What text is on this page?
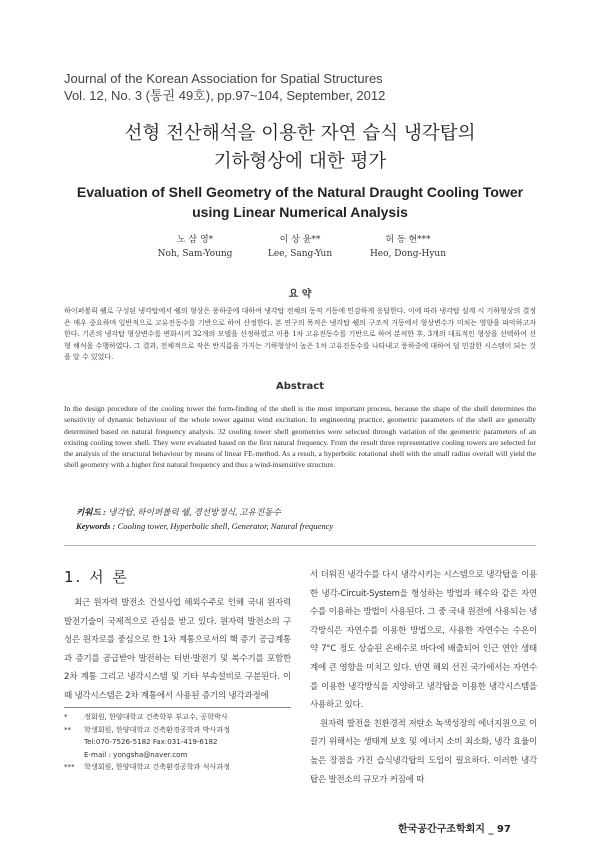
Journal of the Korean Association for Spatial Structures
Vol. 12, No. 3 (통권 49호), pp.97~104, September, 2012
선형 전산해석을 이용한 자연 습식 냉각탑의
기하형상에 대한 평가
Evaluation of Shell Geometry of the Natural Draught Cooling Tower
using Linear Numerical Analysis
노 삼 영*
Noh, Sam-Young
이 상 윤**
Lee, Sang-Yun
허 동 현***
Heo, Dong-Hyun
요 약
하이퍼볼릭 쉘로 구성된 냉각탑에서 쉘의 형상은 풍하중에 대하여 냉각탑 전체의 동적 거동에 민감하게 응답한다. 이에 따라 냉각탑 설계 시 기하형상의 결정은 매우 중요하며 일반적으로 고유진동수를 기반으로 하여 산정한다. 본 연구의 목적은 냉각탑 쉘의 구조적 거동에서 형상변수가 미치는 영향을 파악하고자 한다. 기존의 냉각탑 형상변수를 변화시켜 32개의 모델을 선정하였고 이용 1차 고유진동수를 기반으로 하여 분석한 후, 3개의 대표적인 형상을 선택하여 선형 해석을 수행하였다. 그 결과, 전체적으로 작은 반지름을 가지는 기하형상이 높은 1차 고유진동수를 나타내고 풍하중에 대하여 덜 민감한 시스템이 되는 것을 알 수 있었다.
Abstract
In the design procedure of the cooling tower the form-finding of the shell is the most important process, because the shape of the shell determines the sensitivity of dynamic behaviour of the whole tower against wind excitation. In engineering practice, geometric parameters of the shell are generally determined based on natural frequency analysis. 32 cooling tower shell geometries were selected through variation of the geometric parameters of an existing cooling tower shell. They were evaluated based on the first natural frequency. From the result three representative cooling towers are selected for the analysis of the structural behaviour by means of linear FE-method. As a result, a hyperbolic rotational shell with the small radius overall will yield the shell geometry with a higher first natural frequency and thus a wind-insensitive structure.
키워드 : 냉각탑, 하이퍼볼릭 쉘, 경선방정식, 고유진동수
Keywords : Cooling tower, Hyperbolic shell, Generator, Natural frequency
1. 서 론

최근 원자력 발전소 건설사업 해외수주로 인해 국내 원자력 발전기술이 국제적으로 관심을 받고 있다. 원자력 발전소의 구성은 원자로를 중심으로 한 1차 계통으로서의 핵 증기 공급계통과 증기를 공급받아 발전하는 터빈·발전기 및 복수기를 포함한 2차 계통 그리고 냉각시스템 및 기타 부속설비로 구분된다. 이때 냉각시스템은 2차 계통에서 사용된 증기의 냉각과정에

*	정회원, 한양대학교 건축학부 부교수, 공학박사
**	학생회원, 한양대학교 건축환경공학과 박사과정
Tel:070-7526-5182 Fax:031-419-6182
E-mail : yongsha@naver.com
***	학생회원, 한양대학교 건축환경공학과 석사과정

서 더워진 냉각수를 다시 냉각시키는 시스템으로 냉각탑을 이용한 냉각-Circuit-System을 형성하는 방법과 해수와 같은 자연수를 이용하는 방법이 사용된다. 그 중 국내 원전에 사용되는 냉각방식은 자연수를 이용한 방법으로, 사용한 자연수는 수온이 약 7°C 정도 상승된 온배수로 바다에 배출되어 인근 연안 생태계에 큰 영향을 미치고 있다. 반면 해외 선진 국가에서는 자연수를 이용한 냉각방식을 지양하고 냉각탑을 이용한 냉각시스템을 사용하고 있다.

원자력 발전을 친환경적 저탄소 녹색성장의 에너지원으로 이끌기 위해서는 생태계 보호 및 에너지 소비 최소화, 냉각 효율이 높은 장점을 가진 습식냉각탑의 도입이 필요하다. 이러한 냉각탑은 발전소의 규모가 커짐에 따

한국공간구조학회지 _ 97
